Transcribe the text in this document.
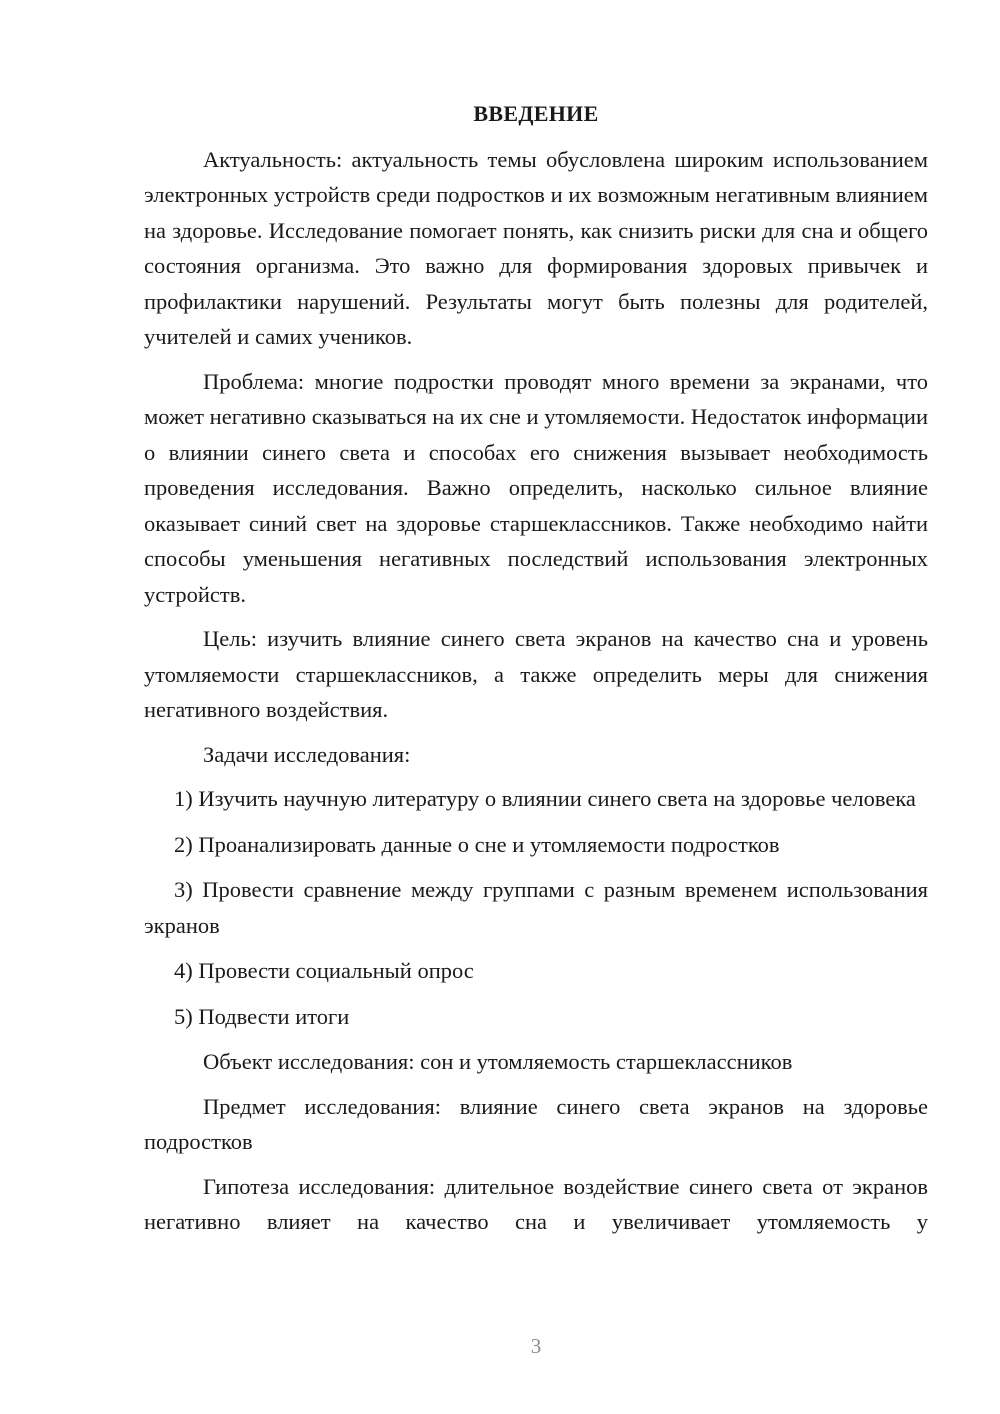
ВВЕДЕНИЕ

Актуальность: актуальность темы обусловлена широким использованием электронных устройств среди подростков и их возможным негативным влиянием на здоровье. Исследование помогает понять, как снизить риски для сна и общего состояния организма. Это важно для формирования здоровых привычек и профилактики нарушений. Результаты могут быть полезны для родителей, учителей и самих учеников.

Проблема: многие подростки проводят много времени за экранами, что может негативно сказываться на их сне и утомляемости. Недостаток информации о влиянии синего света и способах его снижения вызывает необходимость проведения исследования. Важно определить, насколько сильное влияние оказывает синий свет на здоровье старшеклассников. Также необходимо найти способы уменьшения негативных последствий использования электронных устройств.

Цель: изучить влияние синего света экранов на качество сна и уровень утомляемости старшеклассников, а также определить меры для снижения негативного воздействия.

Задачи исследования:

1) Изучить научную литературу о влиянии синего света на здоровье человека

2) Проанализировать данные о сне и утомляемости подростков

3) Провести сравнение между группами с разным временем использования экранов

4) Провести социальный опрос

5) Подвести итоги

Объект исследования: сон и утомляемость старшеклассников

Предмет исследования: влияние синего света экранов на здоровье подростков

Гипотеза исследования: длительное воздействие синего света от экранов негативно влияет на качество сна и увеличивает утомляемость у

3
